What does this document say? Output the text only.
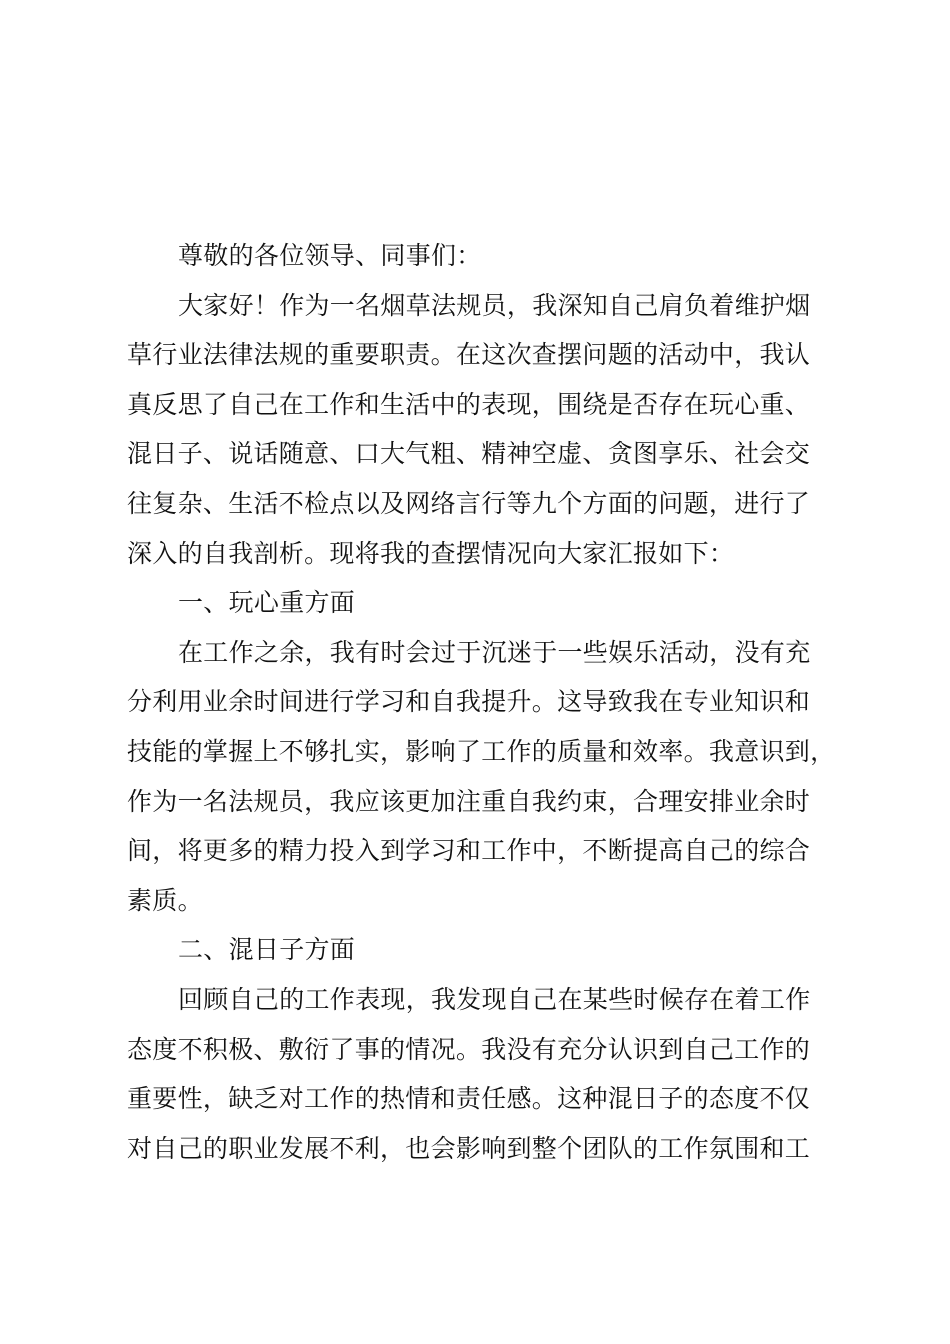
尊敬的各位领导、同事们：
大家好！作为一名烟草法规员，我深知自己肩负着维护烟
草行业法律法规的重要职责。在这次查摆问题的活动中，我认
真反思了自己在工作和生活中的表现，围绕是否存在玩心重、
混日子、说话随意、口大气粗、精神空虚、贪图享乐、社会交
往复杂、生活不检点以及网络言行等九个方面的问题，进行了
深入的自我剖析。现将我的查摆情况向大家汇报如下：
一、玩心重方面
在工作之余，我有时会过于沉迷于一些娱乐活动，没有充
分利用业余时间进行学习和自我提升。这导致我在专业知识和
技能的掌握上不够扎实，影响了工作的质量和效率。我意识到，
作为一名法规员，我应该更加注重自我约束，合理安排业余时
间，将更多的精力投入到学习和工作中，不断提高自己的综合
素质。
二、混日子方面
回顾自己的工作表现，我发现自己在某些时候存在着工作
态度不积极、敷衍了事的情况。我没有充分认识到自己工作的
重要性，缺乏对工作的热情和责任感。这种混日子的态度不仅
对自己的职业发展不利，也会影响到整个团队的工作氛围和工
